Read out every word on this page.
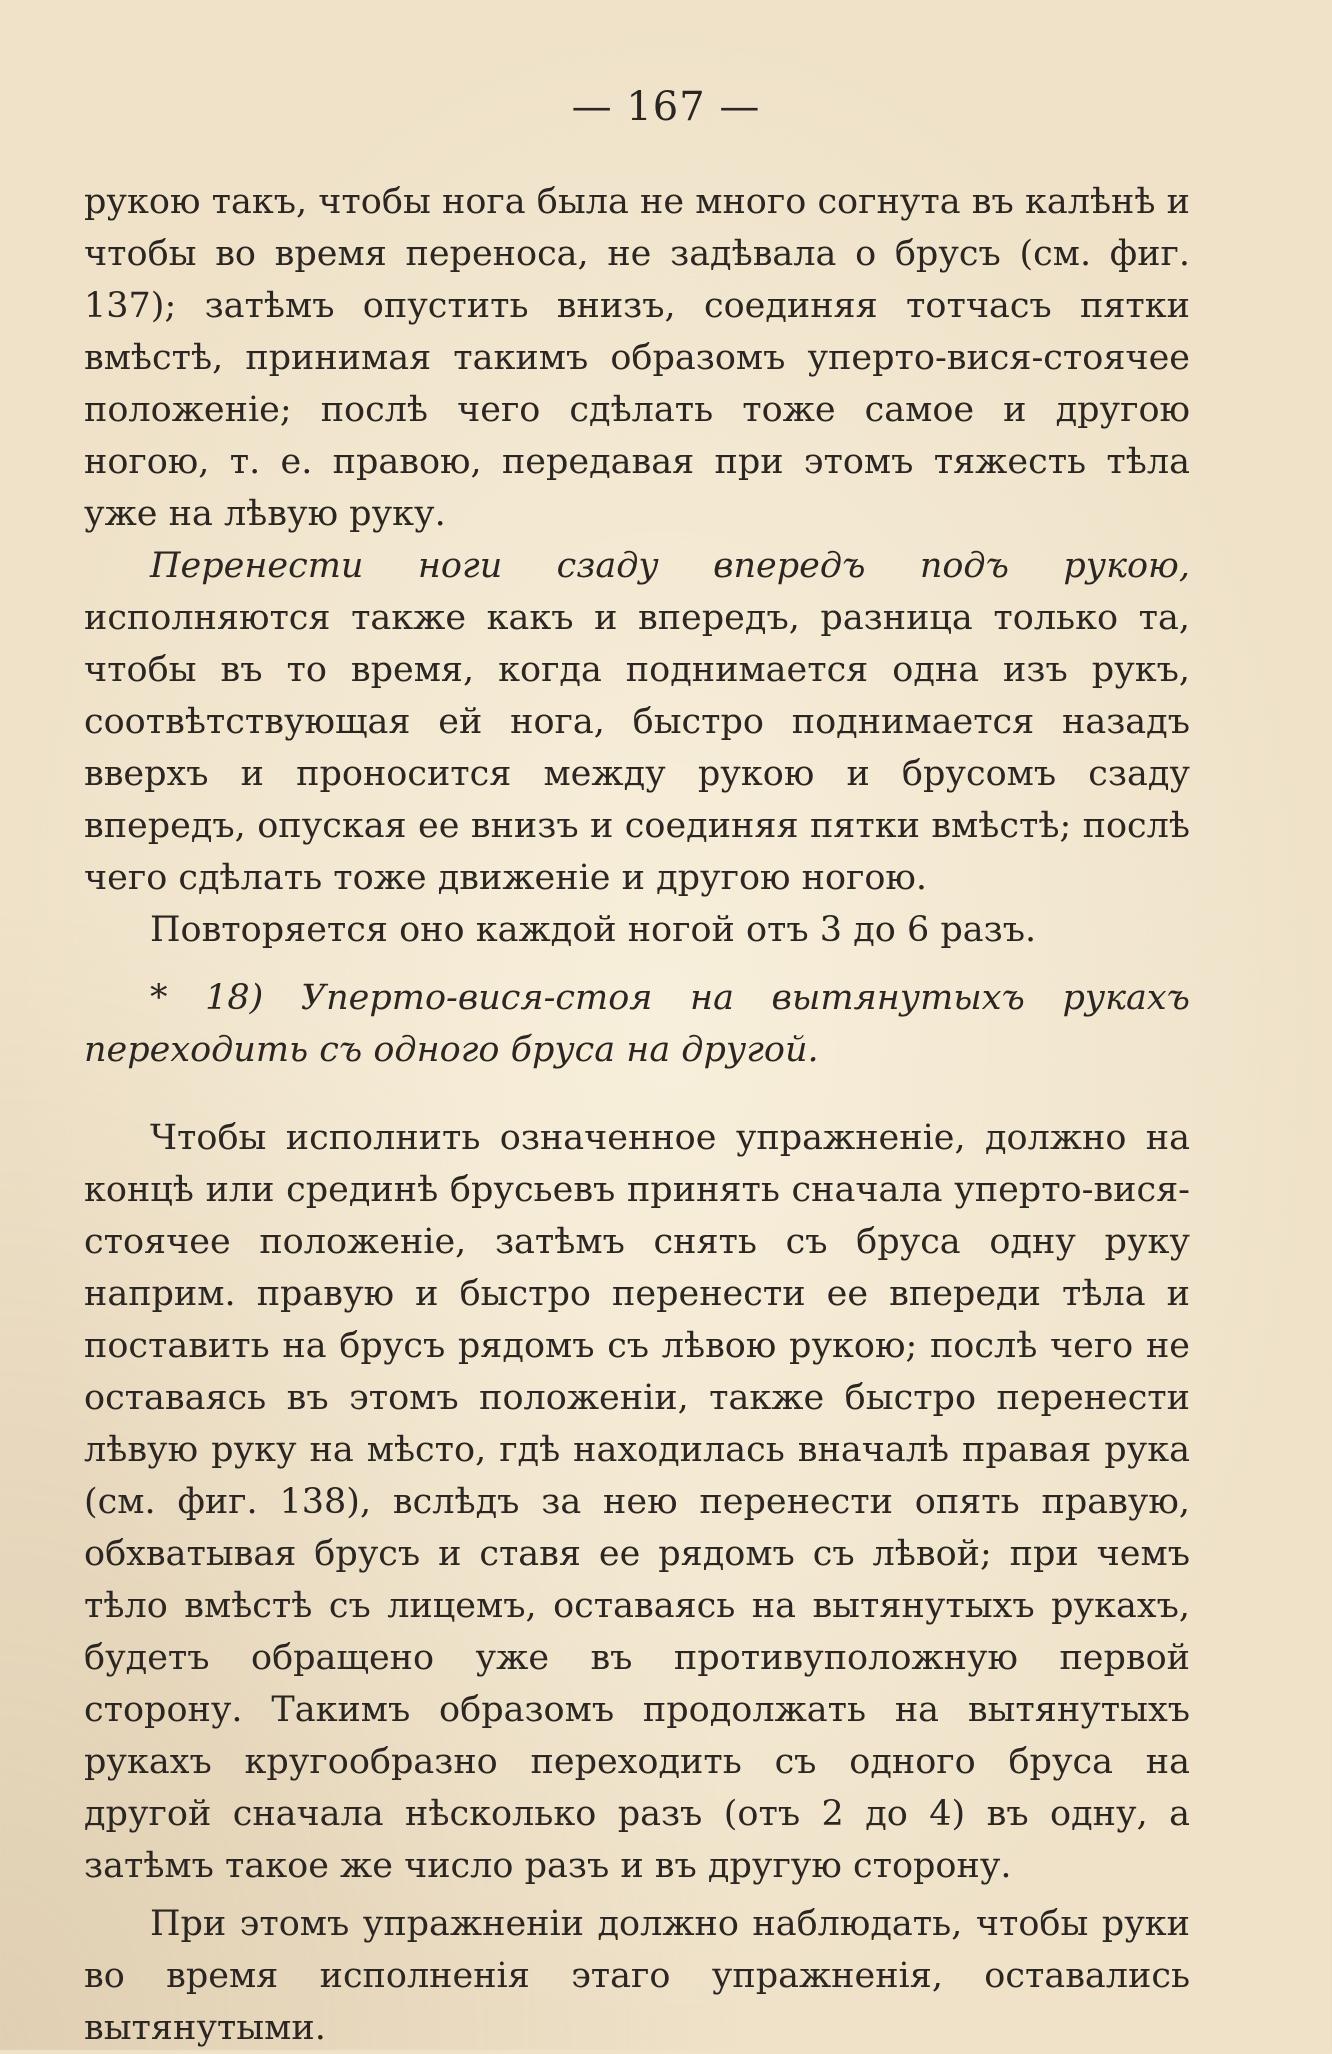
— 167 —

рукою такъ, чтобы нога была не много согнута въ калѣнѣ и чтобы во время переноса, не задѣвала о брусъ (см. фиг. 137); затѣмъ опустить внизъ, соединяя тотчасъ пятки вмѣстѣ, принимая такимъ образомъ уперто-вися-стоячее положеніе; послѣ чего сдѣлать тоже самое и другою ногою, т. е. правою, передавая при этомъ тяжесть тѣла уже на лѣвую руку.

Перенести ноги сзаду впередъ подъ рукою, исполняются также какъ и впередъ, разница только та, чтобы въ то время, когда поднимается одна изъ рукъ, соотвѣтствующая ей нога, быстро поднимается назадъ вверхъ и проносится между рукою и брусомъ сзаду впередъ, опуская ее внизъ и соединяя пятки вмѣстѣ; послѣ чего сдѣлать тоже движеніе и другою ногою.

Повторяется оно каждой ногой отъ 3 до 6 разъ.

* 18) Уперто-вися-стоя на вытянутыхъ рукахъ переходить съ одного бруса на другой.

Чтобы исполнить означенное упражненіе, должно на концѣ или срединѣ брусьевъ принять сначала уперто-вися-стоячее положеніе, затѣмъ снять съ бруса одну руку наприм. правую и быстро перенести ее впереди тѣла и поставить на брусъ рядомъ съ лѣвою рукою; послѣ чего не оставаясь въ этомъ положеніи, также быстро перенести лѣвую руку на мѣсто, гдѣ находилась вначалѣ правая рука (см. фиг. 138), вслѣдъ за нею перенести опять правую, обхватывая брусъ и ставя ее рядомъ съ лѣвой; при чемъ тѣло вмѣстѣ съ лицемъ, оставаясь на вытянутыхъ рукахъ, будетъ обращено уже въ противуположную первой сторону. Такимъ образомъ продолжать на вытянутыхъ рукахъ кругообразно переходить съ одного бруса на другой сначала нѣсколько разъ (отъ 2 до 4) въ одну, а затѣмъ такое же число разъ и въ другую сторону.

При этомъ упражненіи должно наблюдать, чтобы руки во время исполненія этаго упражненія, оставались вытянутыми.
